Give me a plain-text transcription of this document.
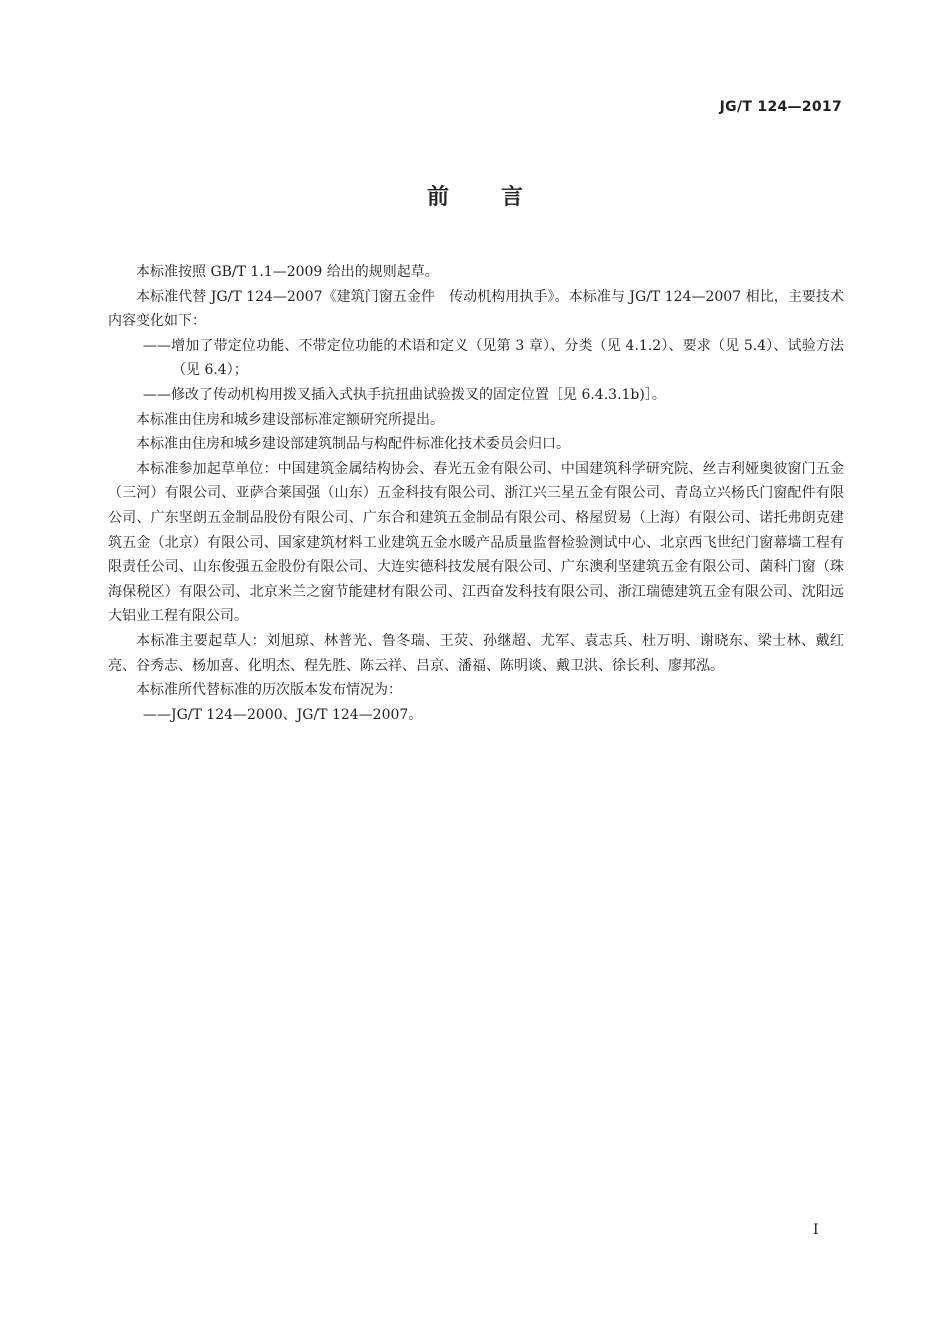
JG/T 124—2017
前言

本标准按照 GB/T 1.1—2009 给出的规则起草。

本标准代替 JG/T 124—2007《建筑门窗五金件　传动机构用执手》。本标准与 JG/T 124—2007 相比，主要技术内容变化如下：

——增加了带定位功能、不带定位功能的术语和定义（见第 3 章）、分类（见 4.1.2）、要求（见 5.4）、试验方法（见 6.4）；

——修改了传动机构用拨叉插入式执手抗扭曲试验拨叉的固定位置［见 6.4.3.1b)］。

本标准由住房和城乡建设部标准定额研究所提出。

本标准由住房和城乡建设部建筑制品与构配件标准化技术委员会归口。

本标准参加起草单位：中国建筑金属结构协会、春光五金有限公司、中国建筑科学研究院、丝吉利娅奥彼窗门五金（三河）有限公司、亚萨合莱国强（山东）五金科技有限公司、浙江兴三星五金有限公司、青岛立兴杨氏门窗配件有限公司、广东坚朗五金制品股份有限公司、广东合和建筑五金制品有限公司、格屋贸易（上海）有限公司、诺托弗朗克建筑五金（北京）有限公司、国家建筑材料工业建筑五金水暖产品质量监督检验测试中心、北京西飞世纪门窗幕墙工程有限责任公司、山东俊强五金股份有限公司、大连实德科技发展有限公司、广东澳利坚建筑五金有限公司、菌科门窗（珠海保税区）有限公司、北京米兰之窗节能建材有限公司、江西奋发科技有限公司、浙江瑞德建筑五金有限公司、沈阳远大铝业工程有限公司。

本标准主要起草人：刘旭琼、林普光、鲁冬瑞、王荧、孙继超、尤军、袁志兵、杜万明、谢晓东、梁士林、戴红亮、谷秀志、杨加喜、化明杰、程先胜、陈云祥、吕京、潘福、陈明谈、戴卫洪、徐长利、廖邦泓。

本标准所代替标准的历次版本发布情况为：

——JG/T 124—2000、JG/T 124—2007。

I
